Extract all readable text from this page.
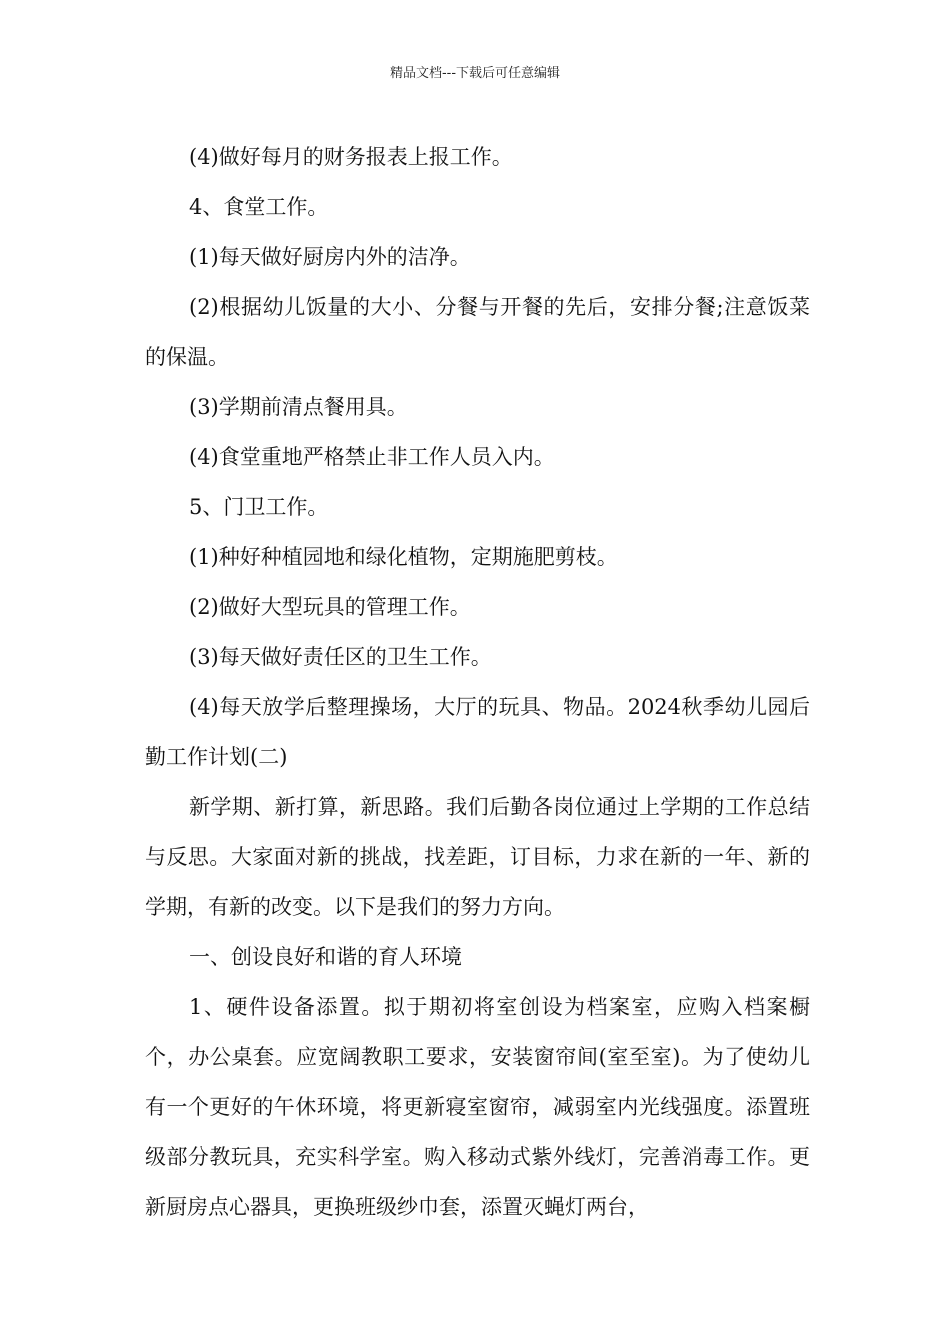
精品文档---下载后可任意编辑

(4)做好每月的财务报表上报工作。

4、食堂工作。

(1)每天做好厨房内外的洁净。

(2)根据幼儿饭量的大小、分餐与开餐的先后，安排分餐;注意饭菜的保温。

(3)学期前清点餐用具。

(4)食堂重地严格禁止非工作人员入内。

5、门卫工作。

(1)种好种植园地和绿化植物，定期施肥剪枝。

(2)做好大型玩具的管理工作。

(3)每天做好责任区的卫生工作。

(4)每天放学后整理操场，大厅的玩具、物品。2024秋季幼儿园后勤工作计划(二)

新学期、新打算，新思路。我们后勤各岗位通过上学期的工作总结与反思。大家面对新的挑战，找差距，订目标，力求在新的一年、新的学期，有新的改变。以下是我们的努力方向。

一、创设良好和谐的育人环境

1、硬件设备添置。拟于期初将室创设为档案室，应购入档案橱个，办公桌套。应宽阔教职工要求，安装窗帘间(室至室)。为了使幼儿有一个更好的午休环境，将更新寝室窗帘，减弱室内光线强度。添置班级部分教玩具，充实科学室。购入移动式紫外线灯，完善消毒工作。更新厨房点心器具，更换班级纱巾套，添置灭蝇灯两台，
